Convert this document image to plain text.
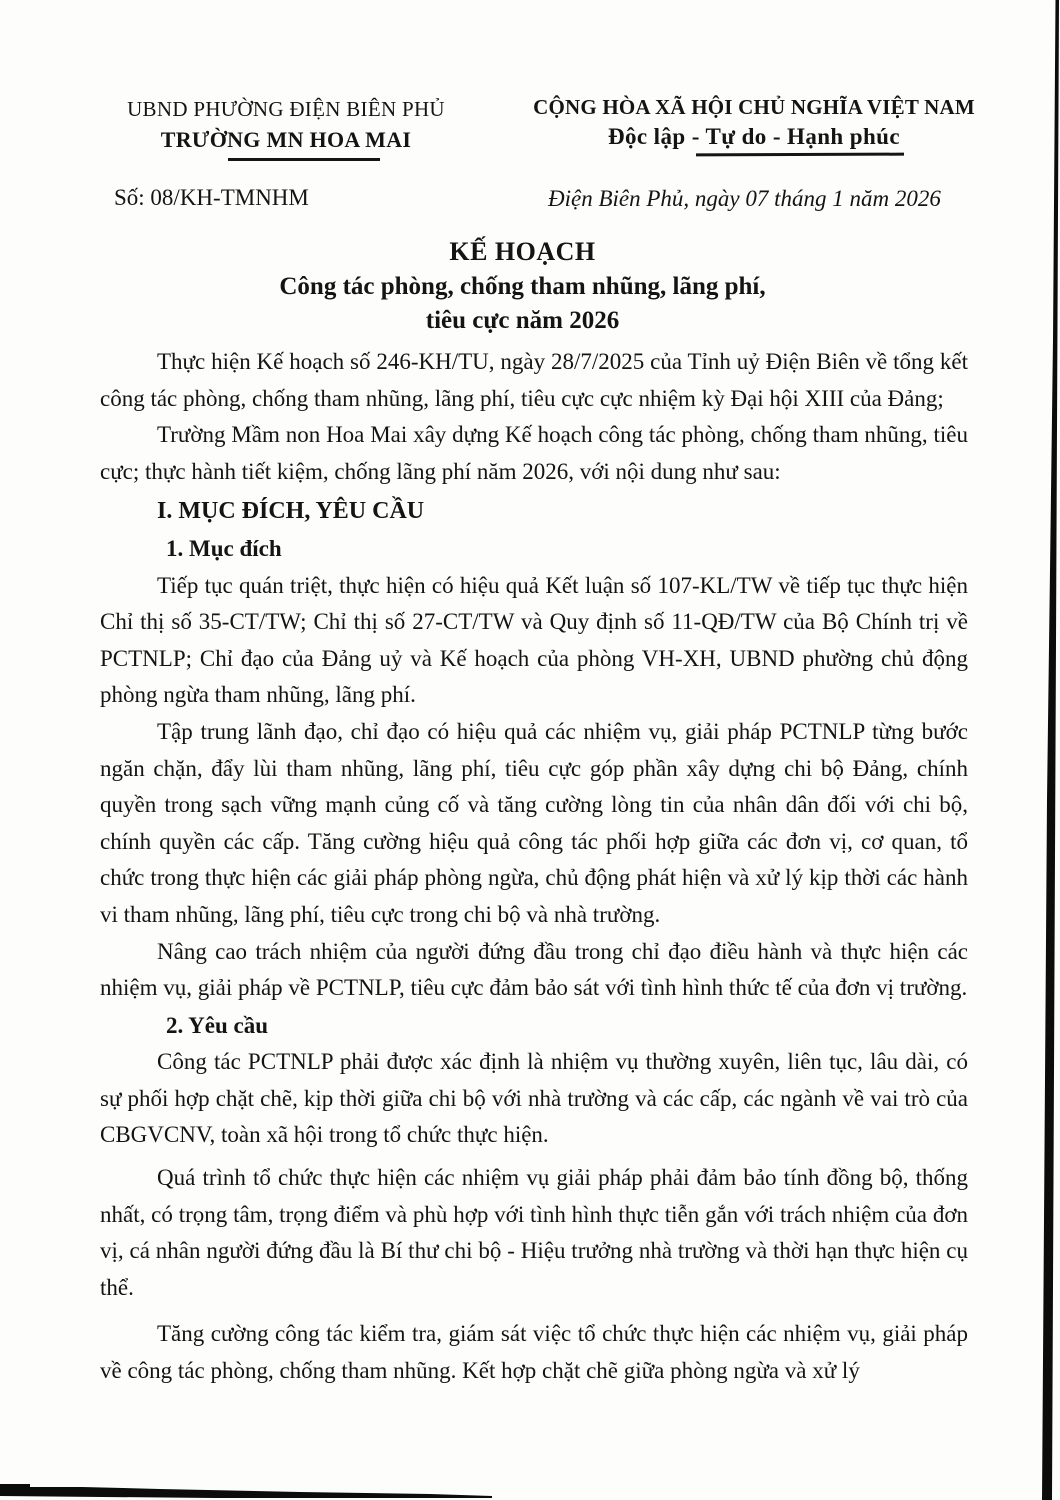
UBND PHƯỜNG ĐIỆN BIÊN PHỦ
TRƯỜNG MN HOA MAI
CỘNG HÒA XÃ HỘI CHỦ NGHĨA VIỆT NAM
Độc lập - Tự do - Hạnh phúc
Số: 08/KH-TMNHM	Điện Biên Phủ, ngày 07 tháng 1 năm 2026
KẾ HOẠCH
Công tác phòng, chống tham nhũng, lãng phí,
tiêu cực năm 2026

Thực hiện Kế hoạch số 246-KH/TU, ngày 28/7/2025 của Tỉnh uỷ Điện Biên về tổng kết công tác phòng, chống tham nhũng, lãng phí, tiêu cực cực nhiệm kỳ Đại hội XIII của Đảng;

Trường Mầm non Hoa Mai xây dựng Kế hoạch công tác phòng, chống tham nhũng, tiêu cực; thực hành tiết kiệm, chống lãng phí năm 2026, với nội dung như sau:

I. MỤC ĐÍCH, YÊU CẦU
1. Mục đích

Tiếp tục quán triệt, thực hiện có hiệu quả Kết luận số 107-KL/TW về tiếp tục thực hiện Chỉ thị số 35-CT/TW; Chỉ thị số 27-CT/TW và Quy định số 11-QĐ/TW của Bộ Chính trị về PCTNLP; Chỉ đạo của Đảng uỷ và Kế hoạch của phòng VH-XH, UBND phường chủ động phòng ngừa tham nhũng, lãng phí.

Tập trung lãnh đạo, chỉ đạo có hiệu quả các nhiệm vụ, giải pháp PCTNLP từng bước ngăn chặn, đẩy lùi tham nhũng, lãng phí, tiêu cực góp phần xây dựng chi bộ Đảng, chính quyền trong sạch vững mạnh củng cố và tăng cường lòng tin của nhân dân đối với chi bộ, chính quyền các cấp. Tăng cường hiệu quả công tác phối hợp giữa các đơn vị, cơ quan, tổ chức trong thực hiện các giải pháp phòng ngừa, chủ động phát hiện và xử lý kịp thời các hành vi tham nhũng, lãng phí, tiêu cực trong chi bộ và nhà trường.

Nâng cao trách nhiệm của người đứng đầu trong chỉ đạo điều hành và thực hiện các nhiệm vụ, giải pháp về PCTNLP, tiêu cực đảm bảo sát với tình hình thức tế của đơn vị trường.

2. Yêu cầu

Công tác PCTNLP phải được xác định là nhiệm vụ thường xuyên, liên tục, lâu dài, có sự phối hợp chặt chẽ, kịp thời giữa chi bộ với nhà trường và các cấp, các ngành về vai trò của CBGVCNV, toàn xã hội trong tổ chức thực hiện.

Quá trình tổ chức thực hiện các nhiệm vụ giải pháp phải đảm bảo tính đồng bộ, thống nhất, có trọng tâm, trọng điểm và phù hợp với tình hình thực tiễn gắn với trách nhiệm của đơn vị, cá nhân người đứng đầu là Bí thư chi bộ - Hiệu trưởng nhà trường và thời hạn thực hiện cụ thể.

Tăng cường công tác kiểm tra, giám sát việc tổ chức thực hiện các nhiệm vụ, giải pháp về công tác phòng, chống tham nhũng. Kết hợp chặt chẽ giữa phòng ngừa và xử lý
